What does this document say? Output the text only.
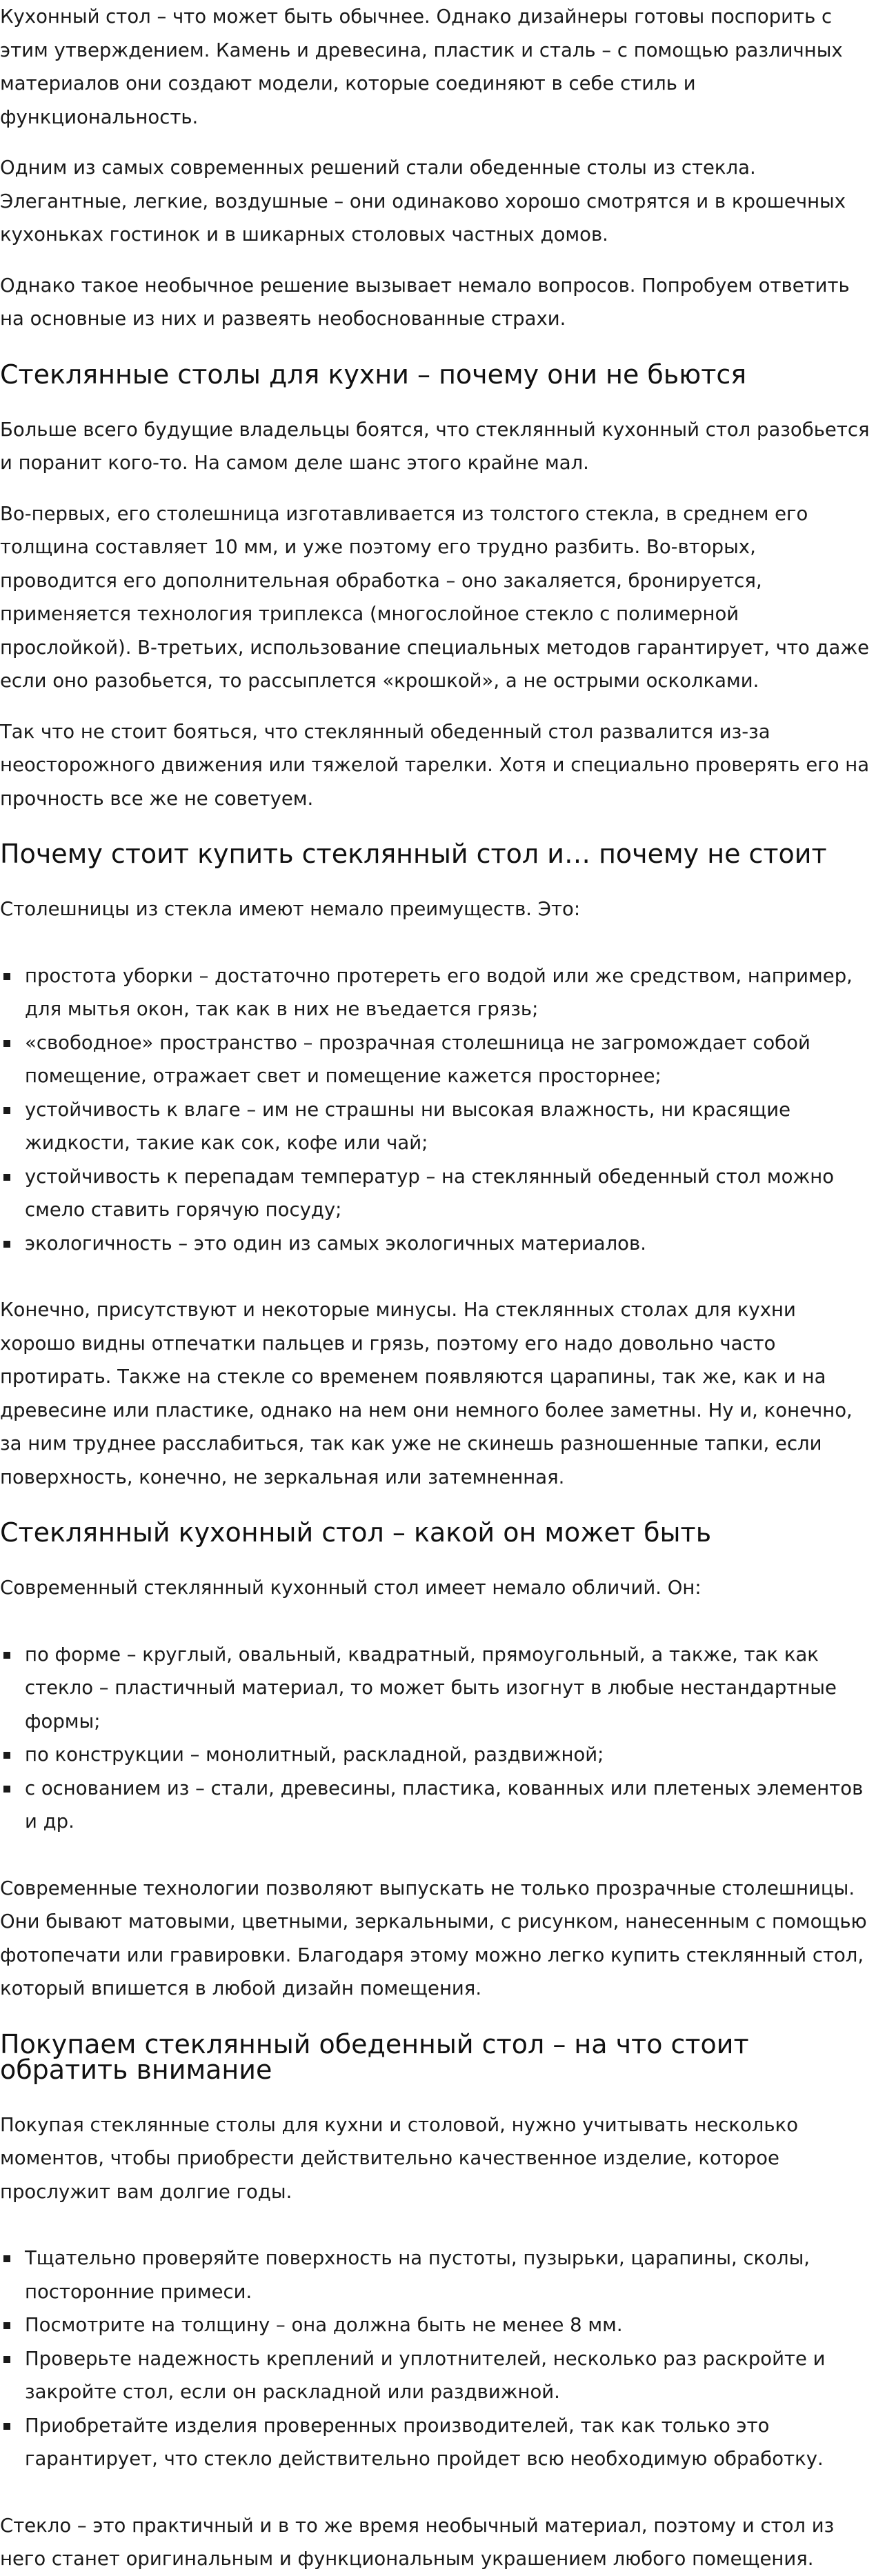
Кухонный стол – что может быть обычнее. Однако дизайнеры готовы поспорить с этим утверждением. Камень и древесина, пластик и сталь – с помощью различных материалов они создают модели, которые соединяют в себе стиль и функциональность.

Одним из самых современных решений стали обеденные столы из стекла. Элегантные, легкие, воздушные – они одинаково хорошо смотрятся и в крошечных кухоньках гостинок и в шикарных столовых частных домов.

Однако такое необычное решение вызывает немало вопросов. Попробуем ответить на основные из них и развеять необоснованные страхи.

Стеклянные столы для кухни – почему они не бьются

Больше всего будущие владельцы боятся, что стеклянный кухонный стол разобьется и поранит кого-то. На самом деле шанс этого крайне мал.

Во-первых, его столешница изготавливается из толстого стекла, в среднем его толщина составляет 10 мм, и уже поэтому его трудно разбить. Во-вторых, проводится его дополнительная обработка – оно закаляется, бронируется, применяется технология триплекса (многослойное стекло с полимерной прослойкой). В-третьих, использование специальных методов гарантирует, что даже если оно разобьется, то рассыплется «крошкой», а не острыми осколками.

Так что не стоит бояться, что стеклянный обеденный стол развалится из-за неосторожного движения или тяжелой тарелки. Хотя и специально проверять его на прочность все же не советуем.

Почему стоит купить стеклянный стол и… почему не стоит

Столешницы из стекла имеют немало преимуществ. Это:

простота уборки – достаточно протереть его водой или же средством, например, для мытья окон, так как в них не въедается грязь;
«свободное» пространство – прозрачная столешница не загромождает собой помещение, отражает свет и помещение кажется просторнее;
устойчивость к влаге – им не страшны ни высокая влажность, ни красящие жидкости, такие как сок, кофе или чай;
устойчивость к перепадам температур – на стеклянный обеденный стол можно смело ставить горячую посуду;
экологичность – это один из самых экологичных материалов.

Конечно, присутствуют и некоторые минусы. На стеклянных столах для кухни хорошо видны отпечатки пальцев и грязь, поэтому его надо довольно часто протирать. Также на стекле со временем появляются царапины, так же, как и на древесине или пластике, однако на нем они немного более заметны. Ну и, конечно, за ним труднее расслабиться, так как уже не скинешь разношенные тапки, если поверхность, конечно, не зеркальная или затемненная.

Стеклянный кухонный стол – какой он может быть

Современный стеклянный кухонный стол имеет немало обличий. Он:

по форме – круглый, овальный, квадратный, прямоугольный, а также, так как стекло – пластичный материал, то может быть изогнут в любые нестандартные формы;
по конструкции – монолитный, раскладной, раздвижной;
с основанием из – стали, древесины, пластика, кованных или плетеных элементов и др.

Современные технологии позволяют выпускать не только прозрачные столешницы. Они бывают матовыми, цветными, зеркальными, с рисунком, нанесенным с помощью фотопечати или гравировки. Благодаря этому можно легко купить стеклянный стол, который впишется в любой дизайн помещения.

Покупаем стеклянный обеденный стол – на что стоит обратить внимание

Покупая стеклянные столы для кухни и столовой, нужно учитывать несколько моментов, чтобы приобрести действительно качественное изделие, которое прослужит вам долгие годы.

Тщательно проверяйте поверхность на пустоты, пузырьки, царапины, сколы, посторонние примеси.
Посмотрите на толщину – она должна быть не менее 8 мм.
Проверьте надежность креплений и уплотнителей, несколько раз раскройте и закройте стол, если он раскладной или раздвижной.
Приобретайте изделия проверенных производителей, так как только это гарантирует, что стекло действительно пройдет всю необходимую обработку.

Стекло – это практичный и в то же время необычный материал, поэтому и стол из него станет оригинальным и функциональным украшением любого помещения.
